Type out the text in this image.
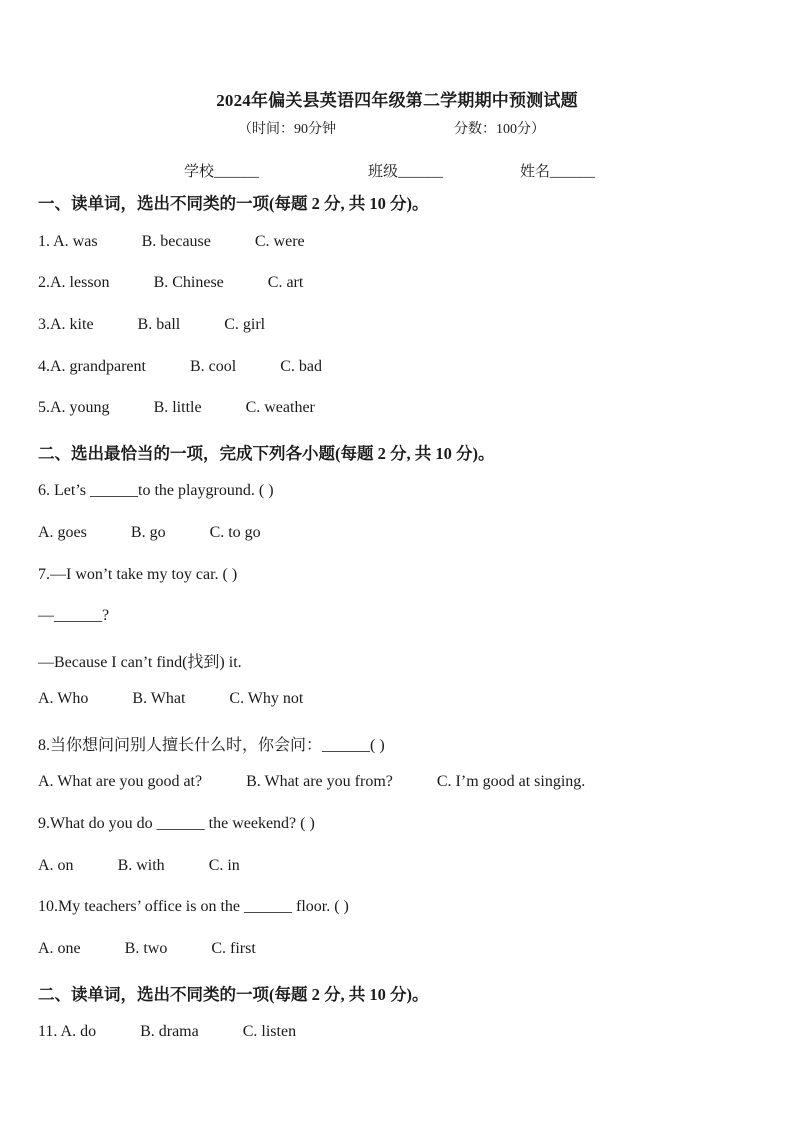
2024年偏关县英语四年级第二学期期中预测试题
（时间：90分钟	分数：100分）
学校______	班级______	姓名______
一、读单词，选出不同类的一项(每题 2 分, 共 10 分)。
1. A. was	B. because	C. were
2.A. lesson	B. Chinese	C. art
3.A. kite	B. ball	C. girl
4.A. grandparent	B. cool	C. bad
5.A. young	B. little	C. weather
二、选出最恰当的一项，完成下列各小题(每题 2 分, 共 10 分)。
6. Let’s ______to the playground. ( )
A. goes	B. go	C. to go
7.—I won’t take my toy car. ( )
—______?
—Because I can’t find(找到) it.
A. Who	B. What	C. Why not
8.当你想问问别人擅长什么时，你会问：______( )
A. What are you good at?	B. What are you from?	C. I’m good at singing.
9.What do you do ______ the weekend? ( )
A. on	B. with	C. in
10.My teachers’ office is on the ______ floor. ( )
A. one	B. two	C. first
二、读单词，选出不同类的一项(每题 2 分, 共 10 分)。
11. A. do	B. drama	C. listen
